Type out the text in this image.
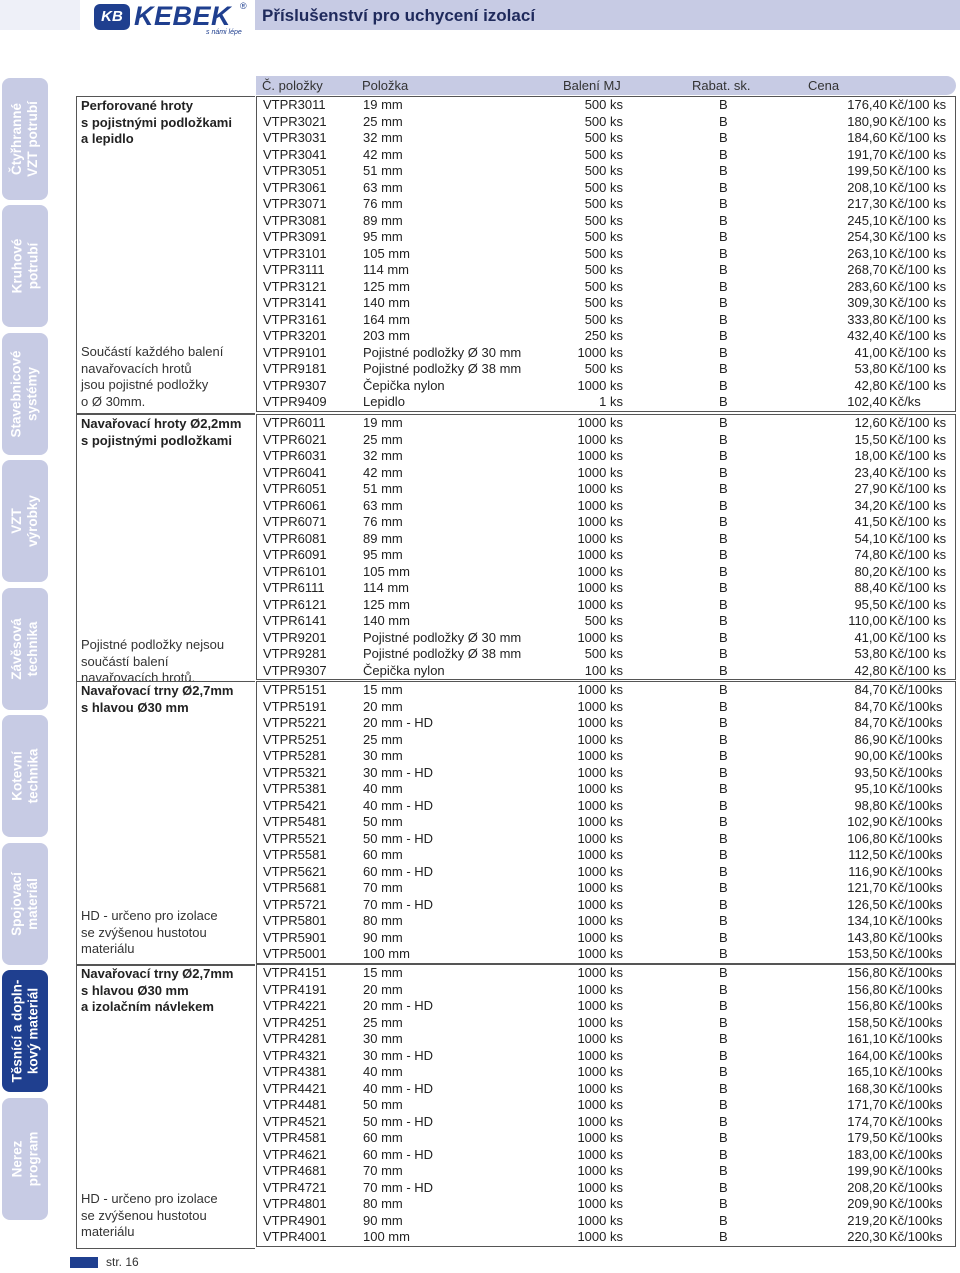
KB KEBEK ®
s námi lépe
Příslušenství pro uchycení izolací
Čtyřhranné
VZT potrubí
Kruhové
potrubí
Stavebnicové
systémy
VZT
výrobky
Závěsová
technika
Kotevní
technika
Spojovací
materiál
Těsnící a dopln-
kový materiál
Nerez
program
Perforované hroty
s pojistnými podložkami
a lepidlo
Součástí každého balení
navařovacích hrotů
jsou pojistné podložky
o Ø 30mm.
Navařovací hroty Ø2,2mm
s pojistnými podložkami
Pojistné podložky nejsou
součástí balení
navařovacích hrotů.
Navařovací trny Ø2,7mm
s hlavou Ø30 mm
HD - určeno pro izolace
se zvýšenou hustotou
materiálu
Navařovací trny Ø2,7mm
s hlavou Ø30 mm
a izolačním návlekem
HD - určeno pro izolace
se zvýšenou hustotou
materiálu
Č. položky	Položka	Balení MJ	Rabat. sk.	Cena
VTPR3011	19 mm	500 ks	B	176,40 Kč/100 ks
VTPR3021	25 mm	500 ks	B	180,90 Kč/100 ks
VTPR3031	32 mm	500 ks	B	184,60 Kč/100 ks
VTPR3041	42 mm	500 ks	B	191,70 Kč/100 ks
VTPR3051	51 mm	500 ks	B	199,50 Kč/100 ks
VTPR3061	63 mm	500 ks	B	208,10 Kč/100 ks
VTPR3071	76 mm	500 ks	B	217,30 Kč/100 ks
VTPR3081	89 mm	500 ks	B	245,10 Kč/100 ks
VTPR3091	95 mm	500 ks	B	254,30 Kč/100 ks
VTPR3101	105 mm	500 ks	B	263,10 Kč/100 ks
VTPR3111	114 mm	500 ks	B	268,70 Kč/100 ks
VTPR3121	125 mm	500 ks	B	283,60 Kč/100 ks
VTPR3141	140 mm	500 ks	B	309,30 Kč/100 ks
VTPR3161	164 mm	500 ks	B	333,80 Kč/100 ks
VTPR3201	203 mm	250 ks	B	432,40 Kč/100 ks
VTPR9101	Pojistné podložky Ø 30 mm	1000 ks	B	41,00 Kč/100 ks
VTPR9181	Pojistné podložky Ø 38 mm	500 ks	B	53,80 Kč/100 ks
VTPR9307	Čepička nylon	1000 ks	B	42,80 Kč/100 ks
VTPR9409	Lepidlo	1 ks	B	102,40 Kč/ks
VTPR6011	19 mm	1000 ks	B	12,60 Kč/100 ks
VTPR6021	25 mm	1000 ks	B	15,50 Kč/100 ks
VTPR6031	32 mm	1000 ks	B	18,00 Kč/100 ks
VTPR6041	42 mm	1000 ks	B	23,40 Kč/100 ks
VTPR6051	51 mm	1000 ks	B	27,90 Kč/100 ks
VTPR6061	63 mm	1000 ks	B	34,20 Kč/100 ks
VTPR6071	76 mm	1000 ks	B	41,50 Kč/100 ks
VTPR6081	89 mm	1000 ks	B	54,10 Kč/100 ks
VTPR6091	95 mm	1000 ks	B	74,80 Kč/100 ks
VTPR6101	105 mm	1000 ks	B	80,20 Kč/100 ks
VTPR6111	114 mm	1000 ks	B	88,40 Kč/100 ks
VTPR6121	125 mm	1000 ks	B	95,50 Kč/100 ks
VTPR6141	140 mm	500 ks	B	110,00 Kč/100 ks
VTPR9201	Pojistné podložky Ø 30 mm	1000 ks	B	41,00 Kč/100 ks
VTPR9281	Pojistné podložky Ø 38 mm	500 ks	B	53,80 Kč/100 ks
VTPR9307	Čepička nylon	100 ks	B	42,80 Kč/100 ks
VTPR5151	15 mm	1000 ks	B	84,70 Kč/100ks
VTPR5191	20 mm	1000 ks	B	84,70 Kč/100ks
VTPR5221	20 mm - HD	1000 ks	B	84,70 Kč/100ks
VTPR5251	25 mm	1000 ks	B	86,90 Kč/100ks
VTPR5281	30 mm	1000 ks	B	90,00 Kč/100ks
VTPR5321	30 mm - HD	1000 ks	B	93,50 Kč/100ks
VTPR5381	40 mm	1000 ks	B	95,10 Kč/100ks
VTPR5421	40 mm - HD	1000 ks	B	98,80 Kč/100ks
VTPR5481	50 mm	1000 ks	B	102,90 Kč/100ks
VTPR5521	50 mm - HD	1000 ks	B	106,80 Kč/100ks
VTPR5581	60 mm	1000 ks	B	112,50 Kč/100ks
VTPR5621	60 mm - HD	1000 ks	B	116,90 Kč/100ks
VTPR5681	70 mm	1000 ks	B	121,70 Kč/100ks
VTPR5721	70 mm - HD	1000 ks	B	126,50 Kč/100ks
VTPR5801	80 mm	1000 ks	B	134,10 Kč/100ks
VTPR5901	90 mm	1000 ks	B	143,80 Kč/100ks
VTPR5001	100 mm	1000 ks	B	153,50 Kč/100ks
VTPR4151	15 mm	1000 ks	B	156,80 Kč/100ks
VTPR4191	20 mm	1000 ks	B	156,80 Kč/100ks
VTPR4221	20 mm - HD	1000 ks	B	156,80 Kč/100ks
VTPR4251	25 mm	1000 ks	B	158,50 Kč/100ks
VTPR4281	30 mm	1000 ks	B	161,10 Kč/100ks
VTPR4321	30 mm - HD	1000 ks	B	164,00 Kč/100ks
VTPR4381	40 mm	1000 ks	B	165,10 Kč/100ks
VTPR4421	40 mm - HD	1000 ks	B	168,30 Kč/100ks
VTPR4481	50 mm	1000 ks	B	171,70 Kč/100ks
VTPR4521	50 mm - HD	1000 ks	B	174,70 Kč/100ks
VTPR4581	60 mm	1000 ks	B	179,50 Kč/100ks
VTPR4621	60 mm - HD	1000 ks	B	183,00 Kč/100ks
VTPR4681	70 mm	1000 ks	B	199,90 Kč/100ks
VTPR4721	70 mm - HD	1000 ks	B	208,20 Kč/100ks
VTPR4801	80 mm	1000 ks	B	209,90 Kč/100ks
VTPR4901	90 mm	1000 ks	B	219,20 Kč/100ks
VTPR4001	100 mm	1000 ks	B	220,30 Kč/100ks
str. 16
